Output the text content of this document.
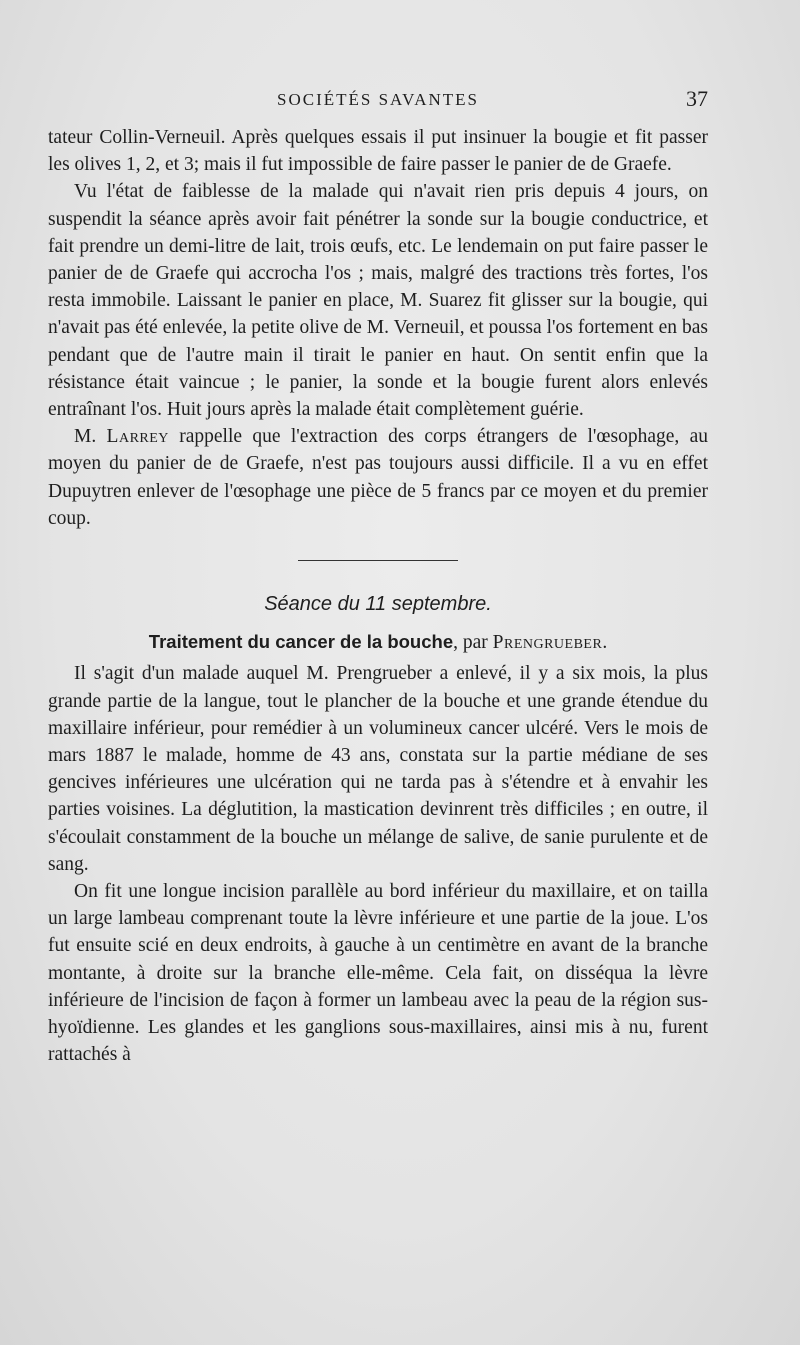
SOCIÉTÉS SAVANTES	37

tateur Collin-Verneuil. Après quelques essais il put insinuer la bougie et fit passer les olives 1, 2, et 3; mais il fut impossible de faire passer le panier de de Graefe.

Vu l'état de faiblesse de la malade qui n'avait rien pris depuis 4 jours, on suspendit la séance après avoir fait pénétrer la sonde sur la bougie conductrice, et fait prendre un demi-litre de lait, trois œufs, etc. Le lendemain on put faire passer le panier de de Graefe qui accrocha l'os ; mais, malgré des tractions très fortes, l'os resta immobile. Laissant le panier en place, M. Suarez fit glisser sur la bougie, qui n'avait pas été enlevée, la petite olive de M. Verneuil, et poussa l'os fortement en bas pendant que de l'autre main il tirait le panier en haut. On sentit enfin que la résistance était vaincue ; le panier, la sonde et la bougie furent alors enlevés entraînant l'os. Huit jours après la malade était complètement guérie.

M. Larrey rappelle que l'extraction des corps étrangers de l'œsophage, au moyen du panier de de Graefe, n'est pas toujours aussi difficile. Il a vu en effet Dupuytren enlever de l'œsophage une pièce de 5 francs par ce moyen et du premier coup.

Séance du 11 septembre.
Traitement du cancer de la bouche, par Prengrueber.

Il s'agit d'un malade auquel M. Prengrueber a enlevé, il y a six mois, la plus grande partie de la langue, tout le plancher de la bouche et une grande étendue du maxillaire inférieur, pour remédier à un volumineux cancer ulcéré. Vers le mois de mars 1887 le malade, homme de 43 ans, constata sur la partie médiane de ses gencives inférieures une ulcération qui ne tarda pas à s'étendre et à envahir les parties voisines. La déglutition, la mastication devinrent très difficiles ; en outre, il s'écoulait constamment de la bouche un mélange de salive, de sanie purulente et de sang.

On fit une longue incision parallèle au bord inférieur du maxillaire, et on tailla un large lambeau comprenant toute la lèvre inférieure et une partie de la joue. L'os fut ensuite scié en deux endroits, à gauche à un centimètre en avant de la branche montante, à droite sur la branche elle-même. Cela fait, on disséqua la lèvre inférieure de l'incision de façon à former un lambeau avec la peau de la région sus-hyoïdienne. Les glandes et les ganglions sous-maxillaires, ainsi mis à nu, furent rattachés à
